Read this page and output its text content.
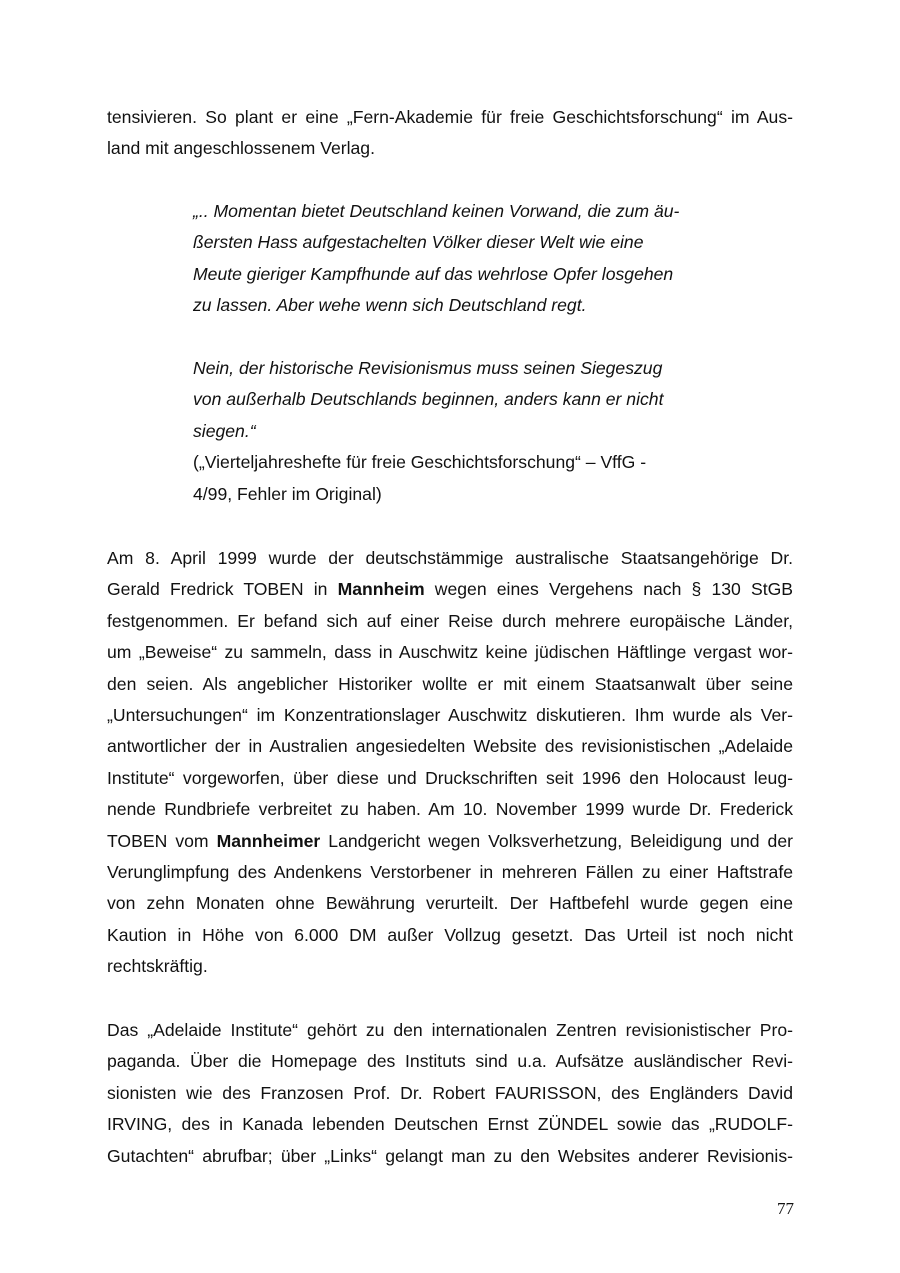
tensivieren. So plant er eine „Fern-Akademie für freie Geschichtsforschung“ im Aus-
land mit angeschlossenem Verlag.
„.. Momentan bietet Deutschland keinen Vorwand, die zum äu-
ßersten Hass aufgestachelten Völker dieser Welt wie eine
Meute gieriger Kampfhunde auf das wehrlose Opfer losgehen
zu lassen. Aber wehe wenn sich Deutschland regt.
Nein, der historische Revisionismus muss seinen Siegeszug
von außerhalb Deutschlands beginnen, anders kann er nicht
siegen.“
(„Vierteljahreshefte für freie Geschichtsforschung“ – VffG -
4/99, Fehler im Original)
Am 8. April 1999 wurde der deutschstämmige australische Staatsangehörige Dr.
Gerald Fredrick TOBEN in Mannheim wegen eines Vergehens nach § 130 StGB
festgenommen. Er befand sich auf einer Reise durch mehrere europäische Länder,
um „Beweise“ zu sammeln, dass in Auschwitz keine jüdischen Häftlinge vergast wor-
den seien. Als angeblicher Historiker wollte er mit einem Staatsanwalt über seine
„Untersuchungen“ im Konzentrationslager Auschwitz diskutieren. Ihm wurde als Ver-
antwortlicher der in Australien angesiedelten Website des revisionistischen „Adelaide
Institute“ vorgeworfen, über diese und Druckschriften seit 1996 den Holocaust leug-
nende Rundbriefe verbreitet zu haben. Am 10. November 1999 wurde Dr. Frederick
TOBEN vom Mannheimer Landgericht wegen Volksverhetzung, Beleidigung und der
Verunglimpfung des Andenkens Verstorbener in mehreren Fällen zu einer Haftstrafe
von zehn Monaten ohne Bewährung verurteilt. Der Haftbefehl wurde gegen eine
Kaution in Höhe von 6.000 DM außer Vollzug gesetzt. Das Urteil ist noch nicht
rechtskräftig.
Das „Adelaide Institute“ gehört zu den internationalen Zentren revisionistischer Pro-
paganda. Über die Homepage des Instituts sind u.a. Aufsätze ausländischer Revi-
sionisten wie des Franzosen Prof. Dr. Robert FAURISSON, des Engländers David
IRVING, des in Kanada lebenden Deutschen Ernst ZÜNDEL sowie das „RUDOLF-
Gutachten“ abrufbar; über „Links“ gelangt man zu den Websites anderer Revisionis-
77
